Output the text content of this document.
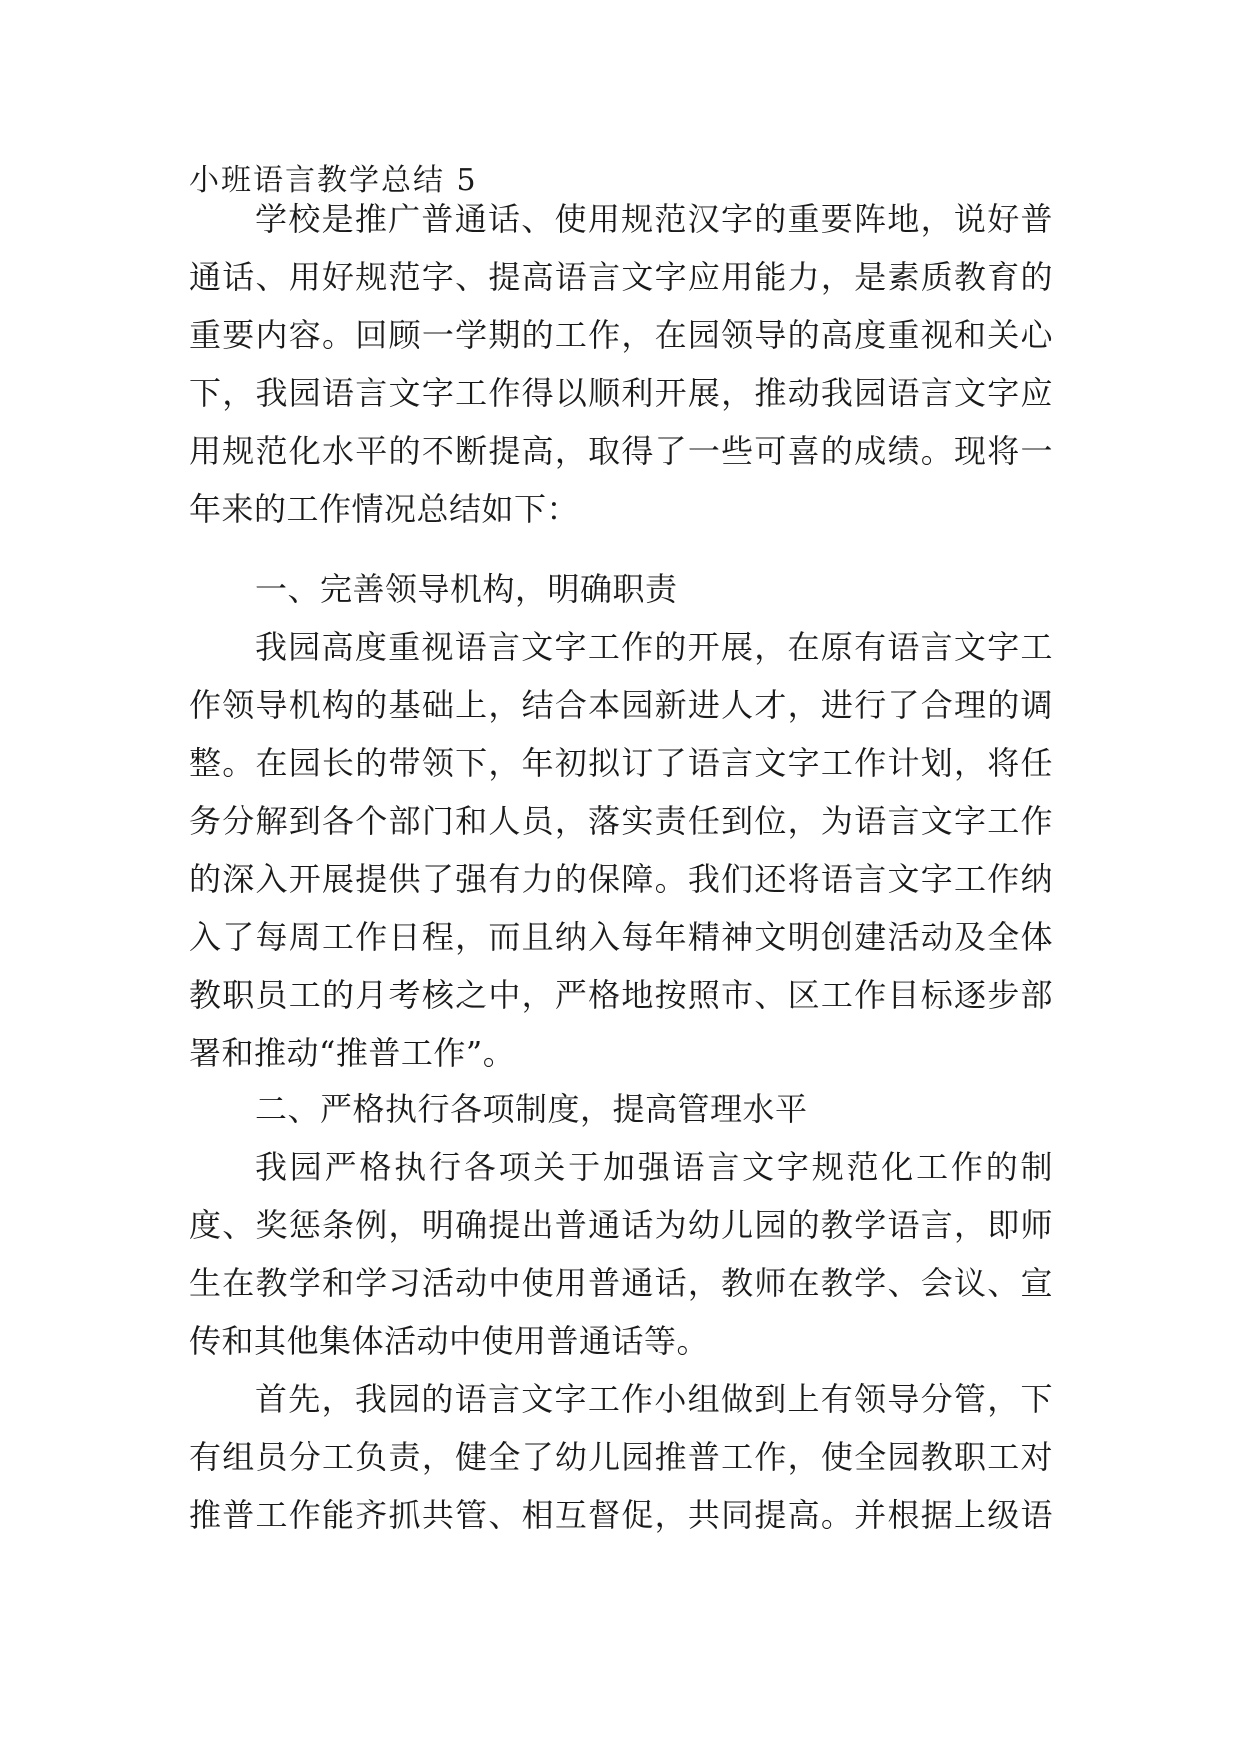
小班语言教学总结 5
学校是推广普通话、使用规范汉字的重要阵地，说好普
通话、用好规范字、提高语言文字应用能力，是素质教育的
重要内容。回顾一学期的工作，在园领导的高度重视和关心
下，我园语言文字工作得以顺利开展，推动我园语言文字应
用规范化水平的不断提高，取得了一些可喜的成绩。现将一
年来的工作情况总结如下：
一、完善领导机构，明确职责
我园高度重视语言文字工作的开展，在原有语言文字工
作领导机构的基础上，结合本园新进人才，进行了合理的调
整。在园长的带领下，年初拟订了语言文字工作计划，将任
务分解到各个部门和人员，落实责任到位，为语言文字工作
的深入开展提供了强有力的保障。我们还将语言文字工作纳
入了每周工作日程，而且纳入每年精神文明创建活动及全体
教职员工的月考核之中，严格地按照市、区工作目标逐步部
署和推动“推普工作”。
二、严格执行各项制度，提高管理水平
我园严格执行各项关于加强语言文字规范化工作的制
度、奖惩条例，明确提出普通话为幼儿园的教学语言，即师
生在教学和学习活动中使用普通话，教师在教学、会议、宣
传和其他集体活动中使用普通话等。
首先，我园的语言文字工作小组做到上有领导分管，下
有组员分工负责，健全了幼儿园推普工作，使全园教职工对
推普工作能齐抓共管、相互督促，共同提高。并根据上级语
